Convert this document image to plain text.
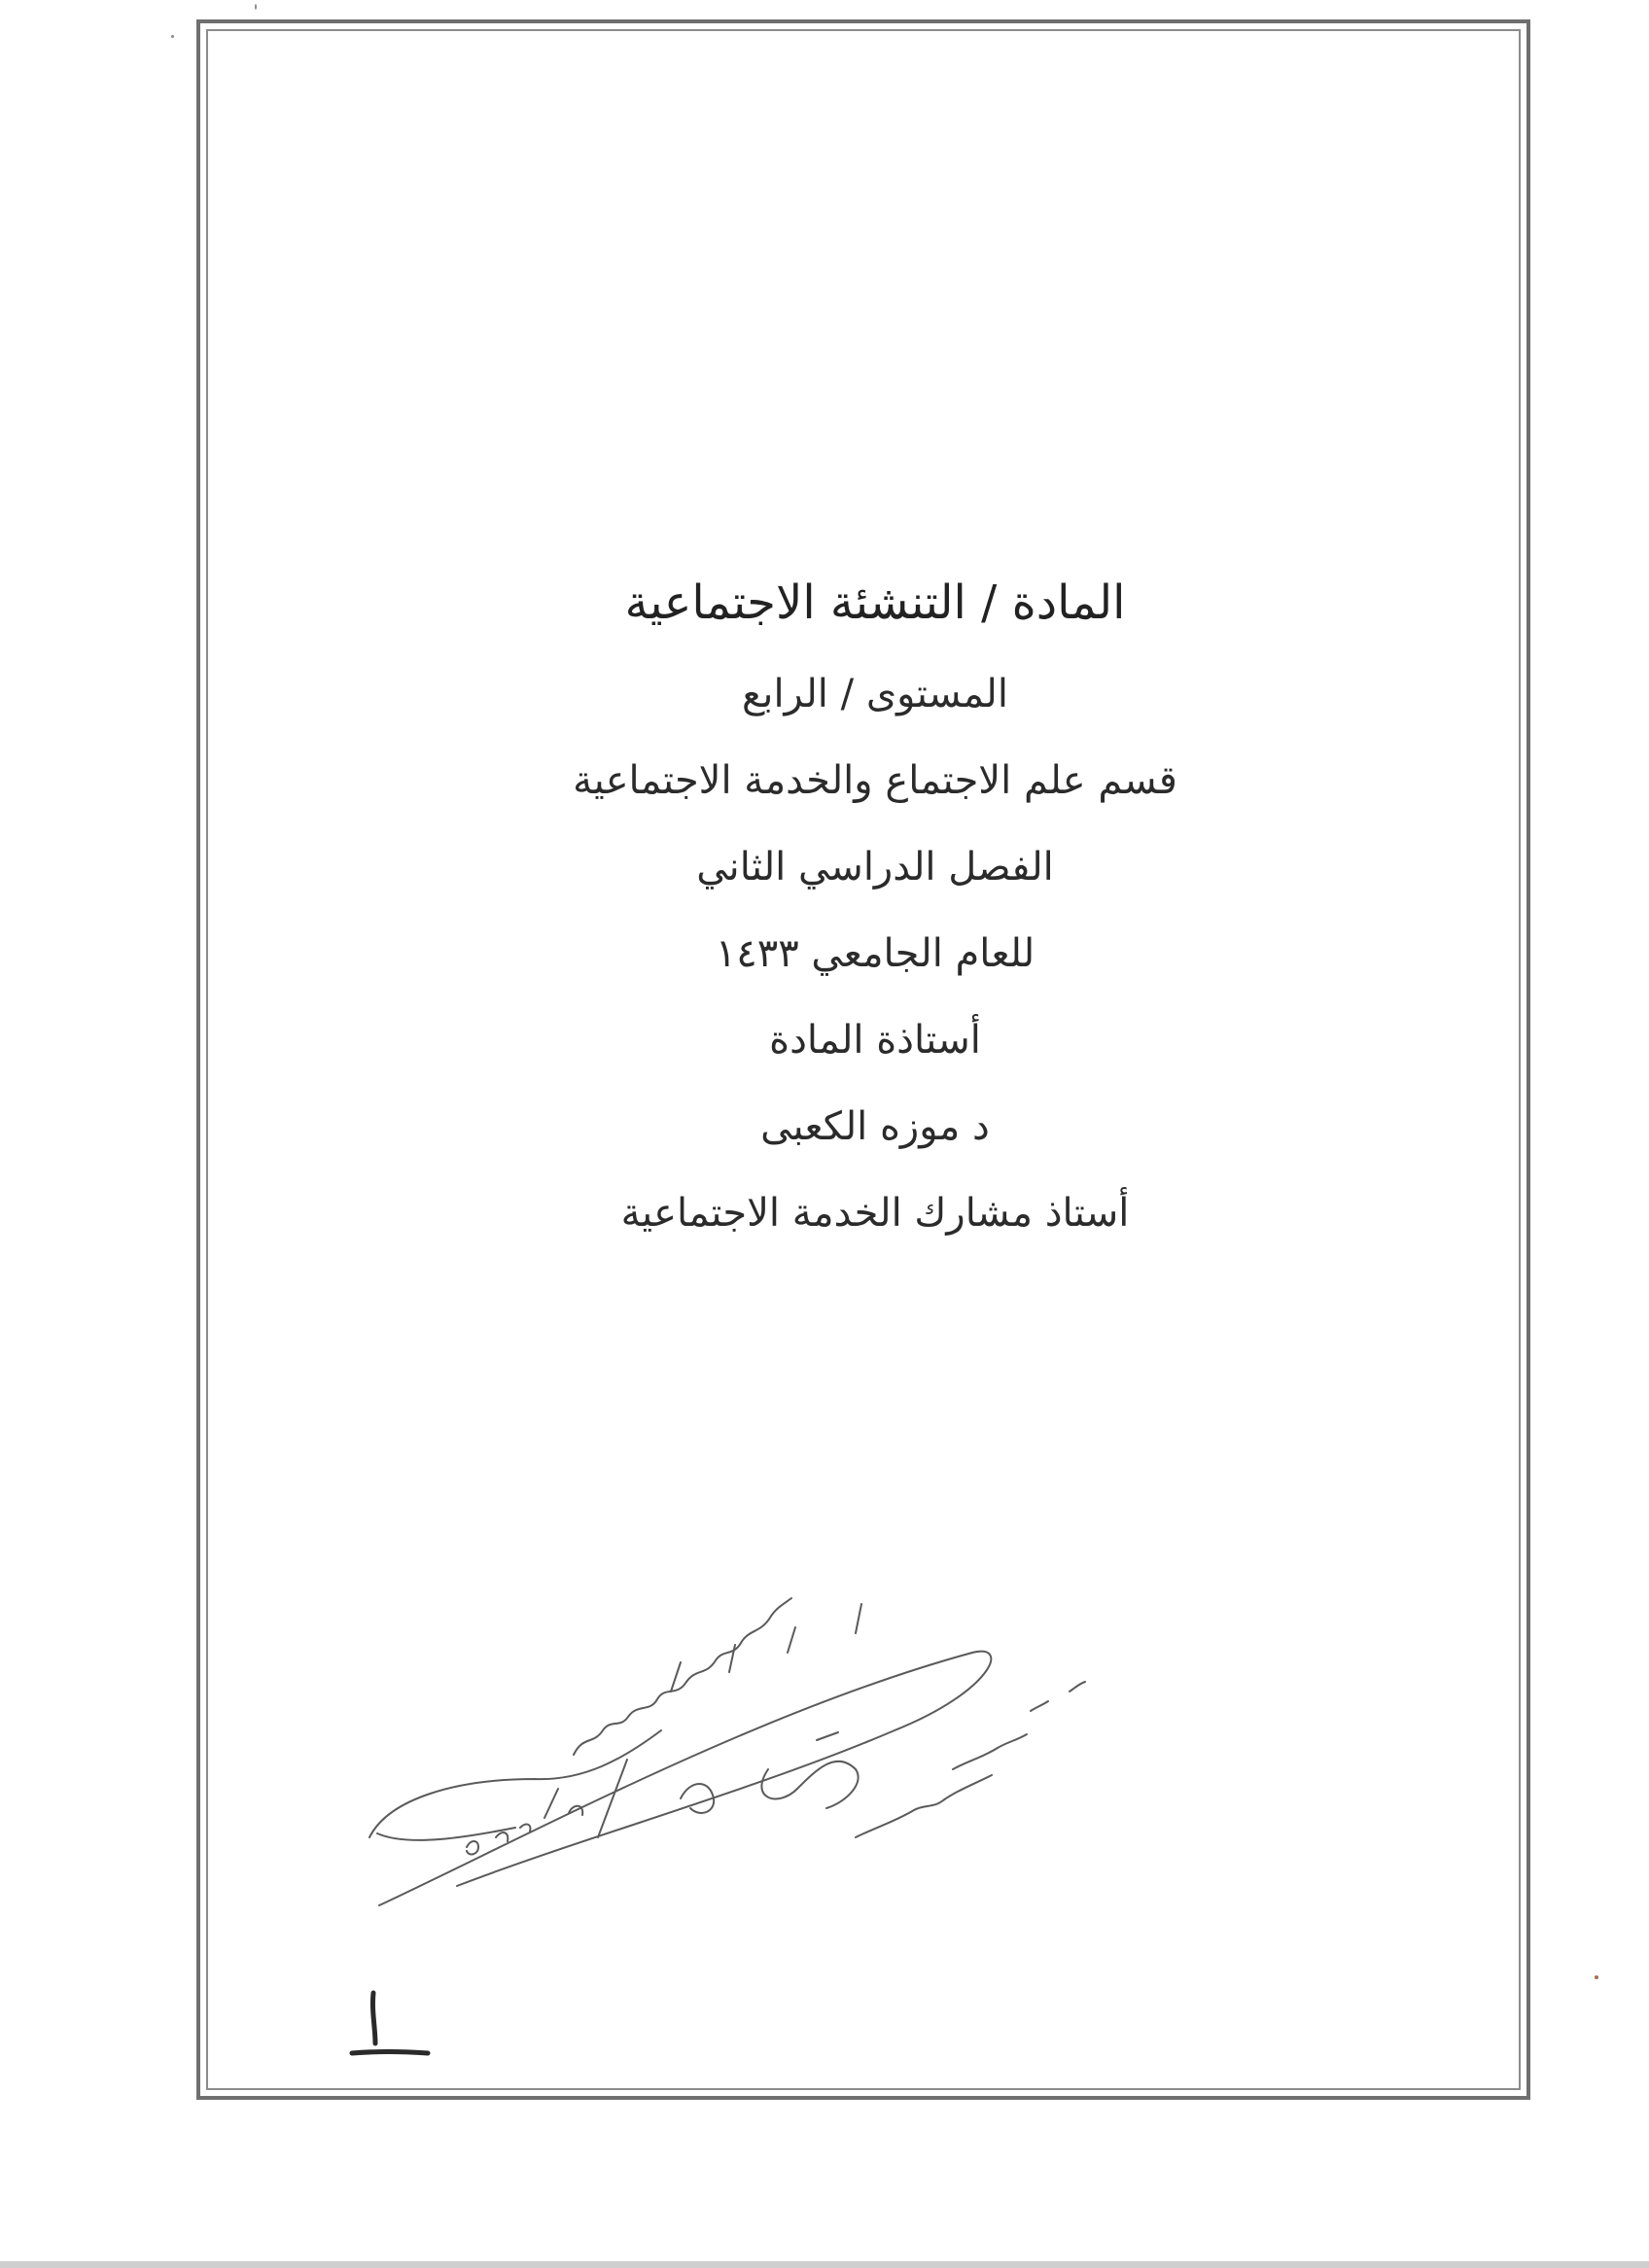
المادة / التنشئة الاجتماعية

المستوى / الرابع

قسم علم الاجتماع والخدمة الاجتماعية

الفصل الدراسي الثاني

للعام الجامعي ١٤٣٣

أستاذة المادة

د موزه الكعبى

أستاذ مشارك الخدمة الاجتماعية
